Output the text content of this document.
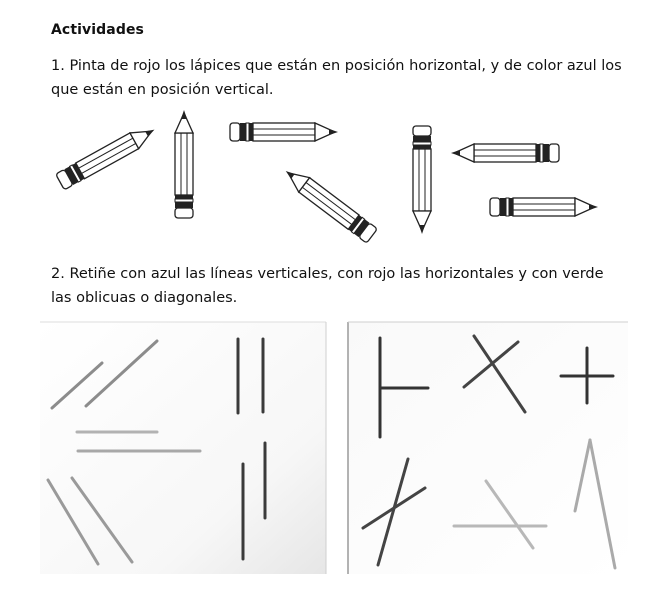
Actividades
1. Pinta de rojo los lápices que están en posición horizontal, y de color azul los
que están en posición vertical.
2. Retiñe con azul las líneas verticales, con rojo las horizontales y con verde
las oblicuas o diagonales.
